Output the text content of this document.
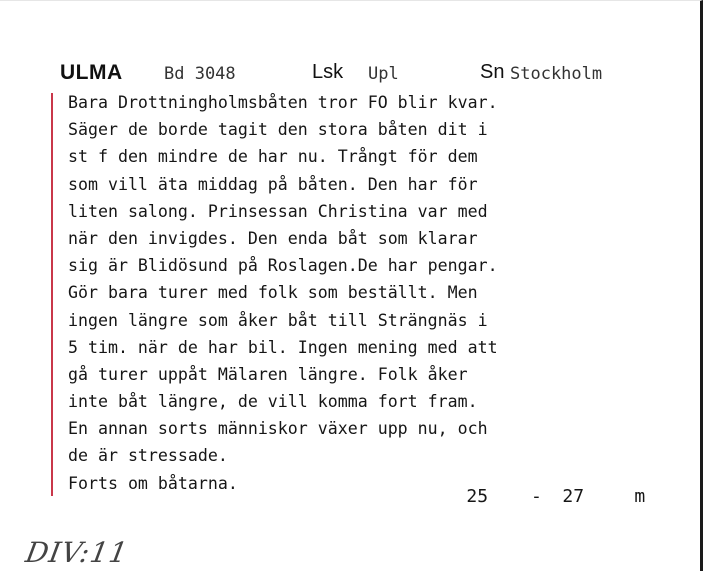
ULMA Bd 3048	Lsk Upl	Sn Stockholm
Bara Drottningholmsbåten tror FO blir kvar.
Säger de borde tagit den stora båten dit i
st f den mindre de har nu. Trångt för dem
som vill äta middag på båten. Den har för
liten salong. Prinsessan Christina var med
när den invigdes. Den enda båt som klarar
sig är Blidösund på Roslagen.De har pengar.
Gör bara turer med folk som beställt. Men
ingen längre som åker båt till Strängnäs i
5 tim. när de har bil. Ingen mening med att
gå turer uppåt Mälaren längre. Folk åker
inte båt längre, de vill komma fort fram.
En annan sorts människor växer upp nu, och
de är stressade.
Forts om båtarna.

25 - 27	m

DIV:11
